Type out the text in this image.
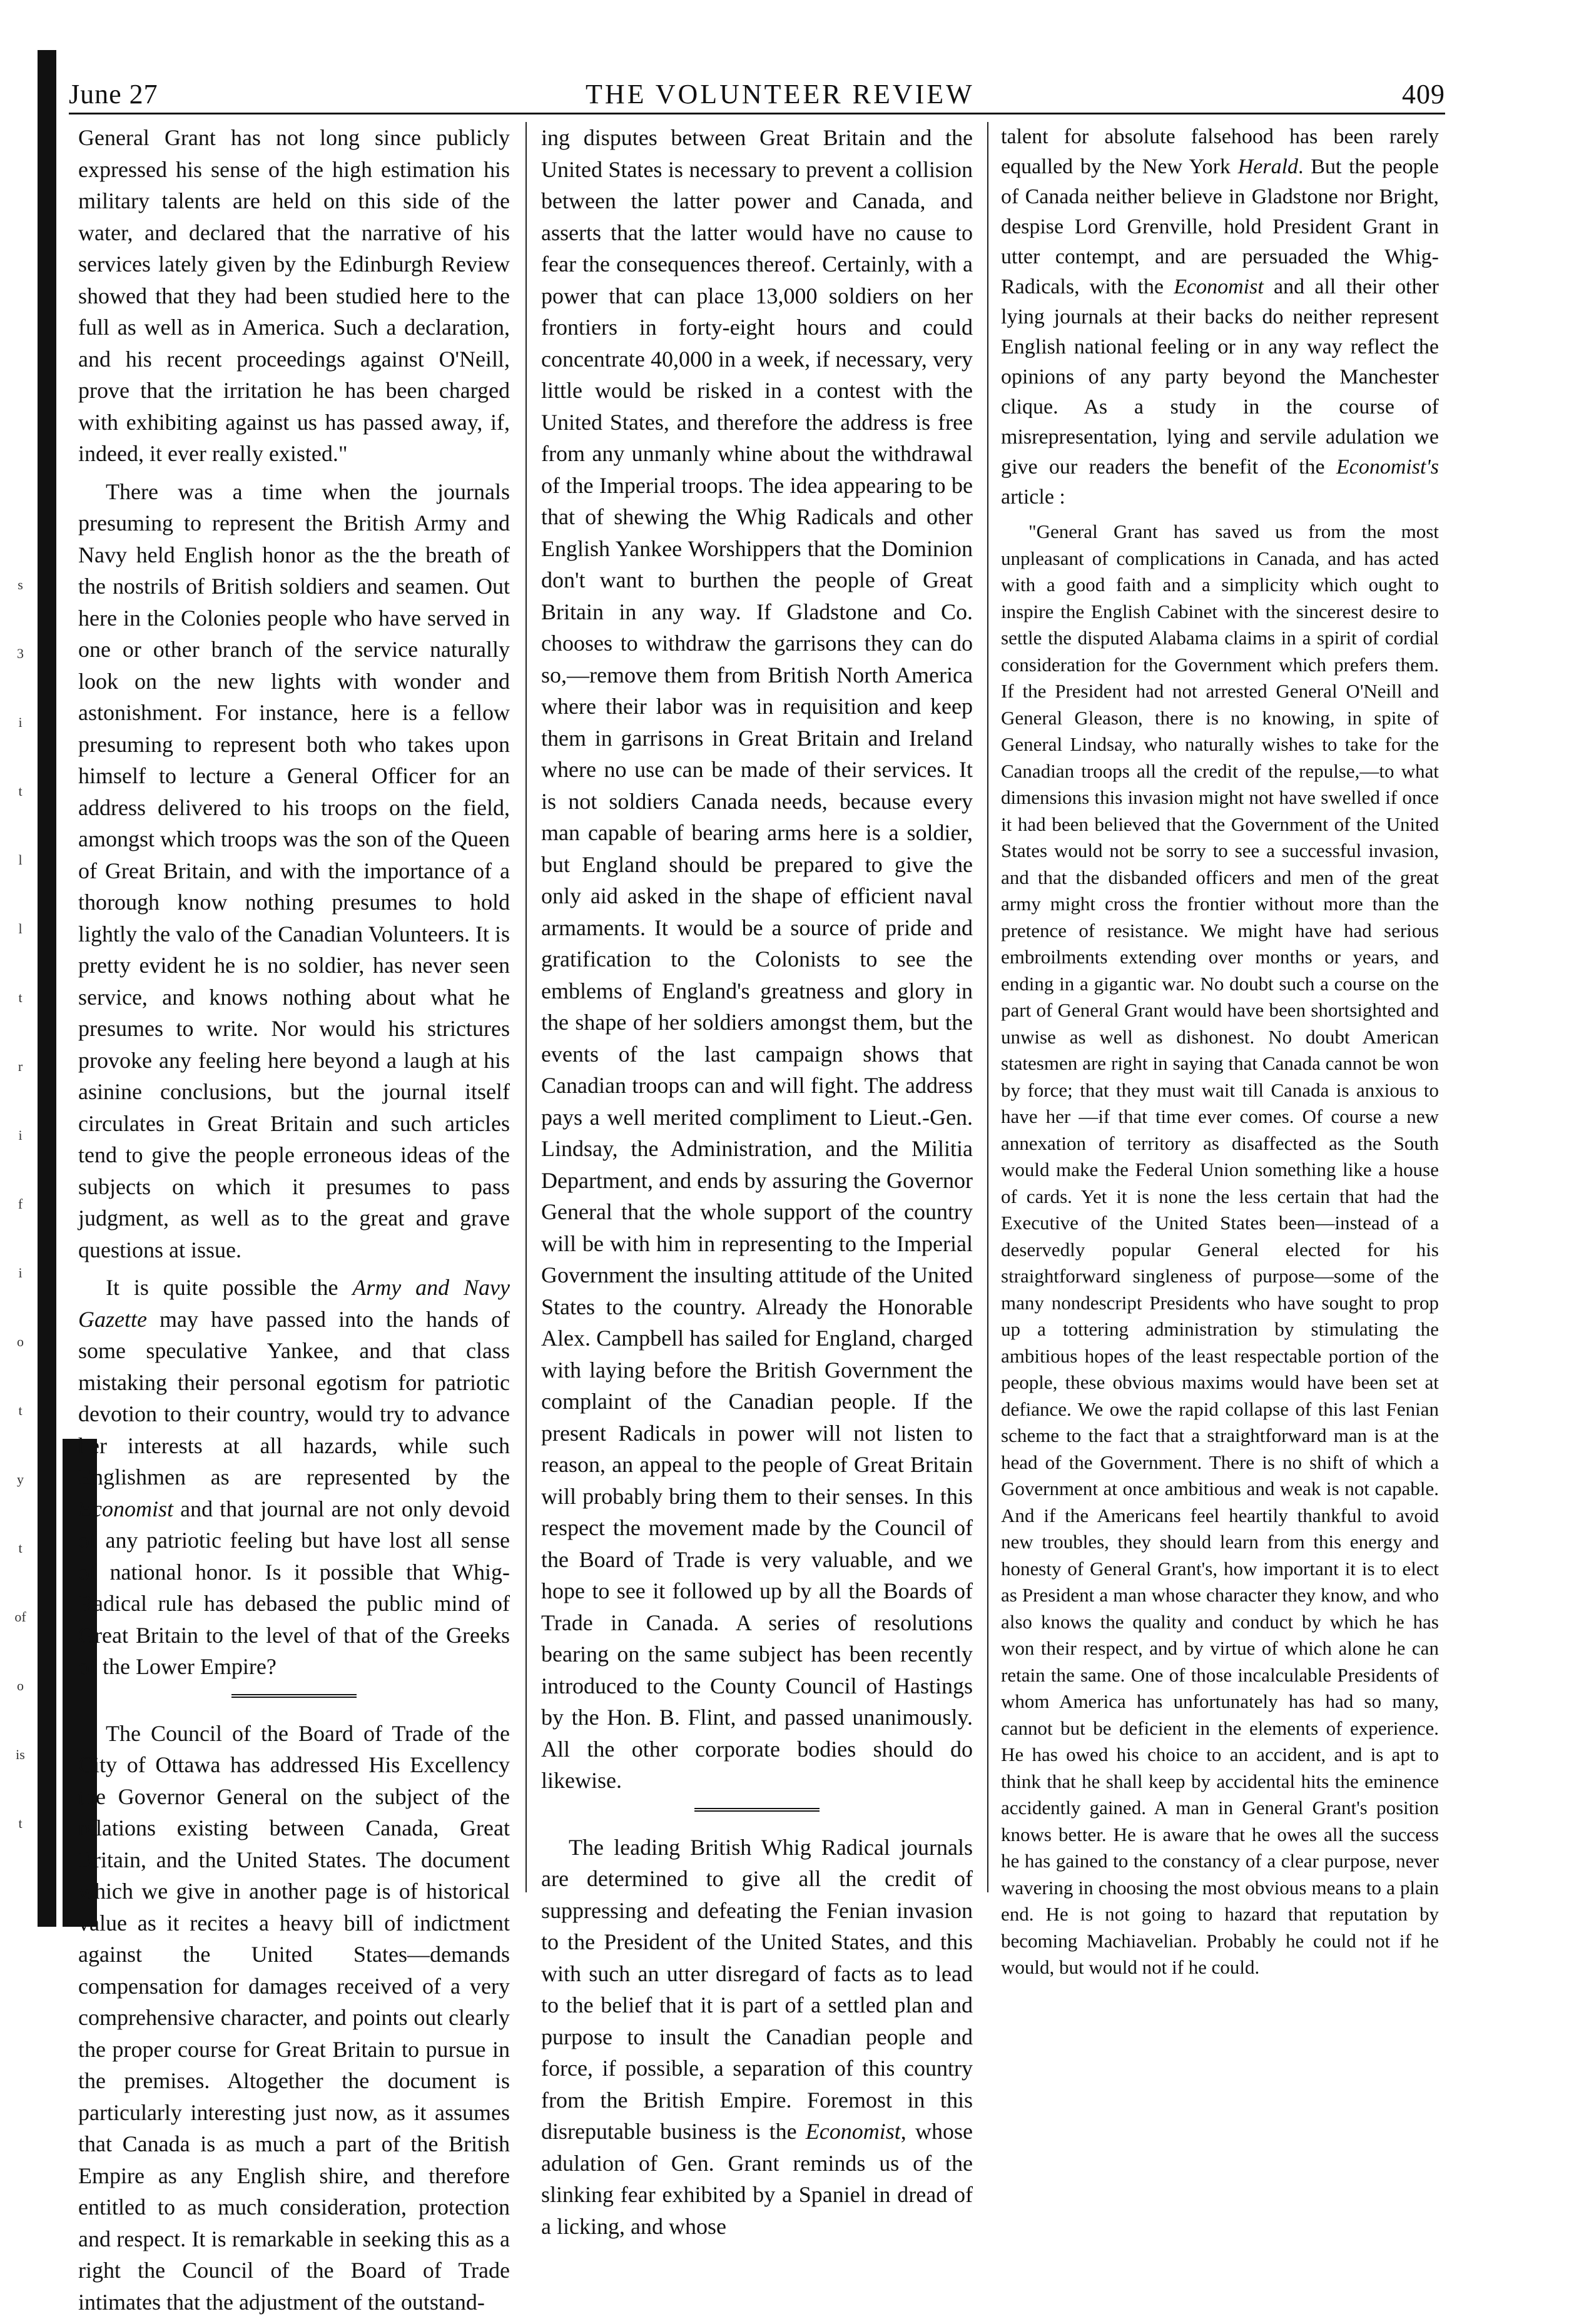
s
3
i
t
l
l
t
r
i
f
i
o
t
y
t
of
o
is
t
June 27	THE VOLUNTEER REVIEW	409

General Grant has not long since publicly expressed his sense of the high estimation his military talents are held on this side of the water, and declared that the narrative of his services lately given by the Edinburgh Review showed that they had been studied here to the full as well as in America. Such a declaration, and his recent proceedings against O'Neill, prove that the irritation he has been charged with exhibiting against us has passed away, if, indeed, it ever really existed."

There was a time when the journals presuming to represent the British Army and Navy held English honor as the the breath of the nostrils of British soldiers and seamen. Out here in the Colonies people who have served in one or other branch of the service naturally look on the new lights with wonder and astonishment. For instance, here is a fellow presuming to represent both who takes upon himself to lecture a General Officer for an address delivered to his troops on the field, amongst which troops was the son of the Queen of Great Britain, and with the importance of a thorough know nothing presumes to hold lightly the valo of the Canadian Volunteers. It is pretty evident he is no soldier, has never seen service, and knows nothing about what he presumes to write. Nor would his strictures provoke any feeling here beyond a laugh at his asinine conclusions, but the journal itself circulates in Great Britain and such articles tend to give the people erroneous ideas of the subjects on which it presumes to pass judgment, as well as to the great and grave questions at issue.

It is quite possible the Army and Navy Gazette may have passed into the hands of some speculative Yankee, and that class mistaking their personal egotism for patriotic devotion to their country, would try to advance her interests at all hazards, while such Englishmen as are represented by the Economist and that journal are not only devoid of any patriotic feeling but have lost all sense of national honor. Is it possible that Whig-Radical rule has debased the public mind of Great Britain to the level of that of the Greeks of the Lower Empire?

The Council of the Board of Trade of the City of Ottawa has addressed His Excellency the Governor General on the subject of the relations existing between Canada, Great Britain, and the United States. The document which we give in another page is of historical value as it recites a heavy bill of indictment against the United States—demands compensation for damages received of a very comprehensive character, and points out clearly the proper course for Great Britain to pursue in the premises. Altogether the document is particularly interesting just now, as it assumes that Canada is as much a part of the British Empire as any English shire, and therefore entitled to as much consideration, protection and respect. It is remarkable in seeking this as a right the Council of the Board of Trade intimates that the adjustment of the outstand-

ing disputes between Great Britain and the United States is necessary to prevent a collision between the latter power and Canada, and asserts that the latter would have no cause to fear the consequences thereof. Certainly, with a power that can place 13,000 soldiers on her frontiers in forty-eight hours and could concentrate 40,000 in a week, if necessary, very little would be risked in a contest with the United States, and therefore the address is free from any unmanly whine about the withdrawal of the Imperial troops. The idea appearing to be that of shewing the Whig Radicals and other English Yankee Worshippers that the Dominion don't want to burthen the people of Great Britain in any way. If Gladstone and Co. chooses to withdraw the garrisons they can do so,—remove them from British North America where their labor was in requisition and keep them in garrisons in Great Britain and Ireland where no use can be made of their services. It is not soldiers Canada needs, because every man capable of bearing arms here is a soldier, but England should be prepared to give the only aid asked in the shape of efficient naval armaments. It would be a source of pride and gratification to the Colonists to see the emblems of England's greatness and glory in the shape of her soldiers amongst them, but the events of the last campaign shows that Canadian troops can and will fight. The address pays a well merited compliment to Lieut.-Gen. Lindsay, the Administration, and the Militia Department, and ends by assuring the Governor General that the whole support of the country will be with him in representing to the Imperial Government the insulting attitude of the United States to the country. Already the Honorable Alex. Campbell has sailed for England, charged with laying before the British Government the complaint of the Canadian people. If the present Radicals in power will not listen to reason, an appeal to the people of Great Britain will probably bring them to their senses. In this respect the movement made by the Council of the Board of Trade is very valuable, and we hope to see it followed up by all the Boards of Trade in Canada. A series of resolutions bearing on the same subject has been recently introduced to the County Council of Hastings by the Hon. B. Flint, and passed unanimously. All the other corporate bodies should do likewise.

The leading British Whig Radical journals are determined to give all the credit of suppressing and defeating the Fenian invasion to the President of the United States, and this with such an utter disregard of facts as to lead to the belief that it is part of a settled plan and purpose to insult the Canadian people and force, if possible, a separation of this country from the British Empire. Foremost in this disreputable business is the Economist, whose adulation of Gen. Grant reminds us of the slinking fear exhibited by a Spaniel in dread of a licking, and whose

talent for absolute falsehood has been rarely equalled by the New York Herald. But the people of Canada neither believe in Gladstone nor Bright, despise Lord Grenville, hold President Grant in utter contempt, and are persuaded the Whig-Radicals, with the Economist and all their other lying journals at their backs do neither represent English national feeling or in any way reflect the opinions of any party beyond the Manchester clique. As a study in the course of misrepresentation, lying and servile adulation we give our readers the benefit of the Economist's article :

"General Grant has saved us from the most unpleasant of complications in Canada, and has acted with a good faith and a simplicity which ought to inspire the English Cabinet with the sincerest desire to settle the disputed Alabama claims in a spirit of cordial consideration for the Government which prefers them. If the President had not arrested General O'Neill and General Gleason, there is no knowing, in spite of General Lindsay, who naturally wishes to take for the Canadian troops all the credit of the repulse,—to what dimensions this invasion might not have swelled if once it had been believed that the Government of the United States would not be sorry to see a successful invasion, and that the disbanded officers and men of the great army might cross the frontier without more than the pretence of resistance. We might have had serious embroilments extending over months or years, and ending in a gigantic war. No doubt such a course on the part of General Grant would have been shortsighted and unwise as well as dishonest. No doubt American statesmen are right in saying that Canada cannot be won by force; that they must wait till Canada is anxious to have her —if that time ever comes. Of course a new annexation of territory as disaffected as the South would make the Federal Union something like a house of cards. Yet it is none the less certain that had the Executive of the United States been—instead of a deservedly popular General elected for his straightforward singleness of purpose—some of the many nondescript Presidents who have sought to prop up a tottering administration by stimulating the ambitious hopes of the least respectable portion of the people, these obvious maxims would have been set at defiance. We owe the rapid collapse of this last Fenian scheme to the fact that a straightforward man is at the head of the Government. There is no shift of which a Government at once ambitious and weak is not capable. And if the Americans feel heartily thankful to avoid new troubles, they should learn from this energy and honesty of General Grant's, how important it is to elect as President a man whose character they know, and who also knows the quality and conduct by which he has won their respect, and by virtue of which alone he can retain the same. One of those incalculable Presidents of whom America has unfortunately has had so many, cannot but be deficient in the elements of experience. He has owed his choice to an accident, and is apt to think that he shall keep by accidental hits the eminence accidently gained. A man in General Grant's position knows better. He is aware that he owes all the success he has gained to the constancy of a clear purpose, never wavering in choosing the most obvious means to a plain end. He is not going to hazard that reputation by becoming Machiavelian. Probably he could not if he would, but would not if he could.
